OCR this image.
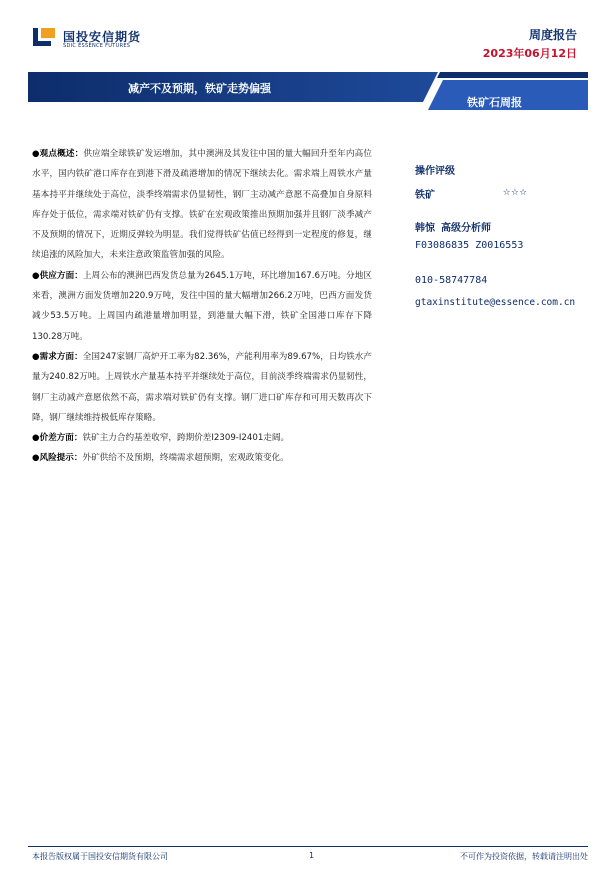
国投安信期货
SDIC ESSENCE FUTURES
周度报告
2023年06月12日
减产不及预期，铁矿走势偏强
铁矿石周报

●观点概述：供应端全球铁矿发运增加，其中澳洲及其发往中国的量大幅回升至年内高位水平，国内铁矿港口库存在到港下滑及疏港增加的情况下继续去化。需求端上周铁水产量基本持平并继续处于高位，淡季终端需求仍显韧性，钢厂主动减产意愿不高叠加自身原料库存处于低位，需求端对铁矿仍有支撑。铁矿在宏观政策推出预期加强并且钢厂淡季减产不及预期的情况下，近期反弹较为明显。我们觉得铁矿估值已经得到一定程度的修复，继续追涨的风险加大，未来注意政策监管加强的风险。

●供应方面：上周公布的澳洲巴西发货总量为2645.1万吨，环比增加167.6万吨。分地区来看，澳洲方面发货增加220.9万吨，发往中国的量大幅增加266.2万吨，巴西方面发货减少53.5万吨。上周国内疏港量增加明显，到港量大幅下滑，铁矿全国港口库存下降130.28万吨。

●需求方面：全国247家钢厂高炉开工率为82.36%，产能利用率为89.67%，日均铁水产量为240.82万吨。上周铁水产量基本持平并继续处于高位，目前淡季终端需求仍显韧性，钢厂主动减产意愿依然不高，需求端对铁矿仍有支撑。钢厂进口矿库存和可用天数再次下降，钢厂继续维持极低库存策略。

●价差方面：铁矿主力合约基差收窄，跨期价差I2309-I2401走阔。

●风险提示：外矿供给不及预期，终端需求超预期，宏观政策变化。

操作评级
铁矿	☆☆☆
韩惊 高级分析师
F03086835 Z0016553
010-58747784
gtaxinstitute@essence.com.cn
本报告版权属于国投安信期货有限公司	1	不可作为投资依据，转载请注明出处
